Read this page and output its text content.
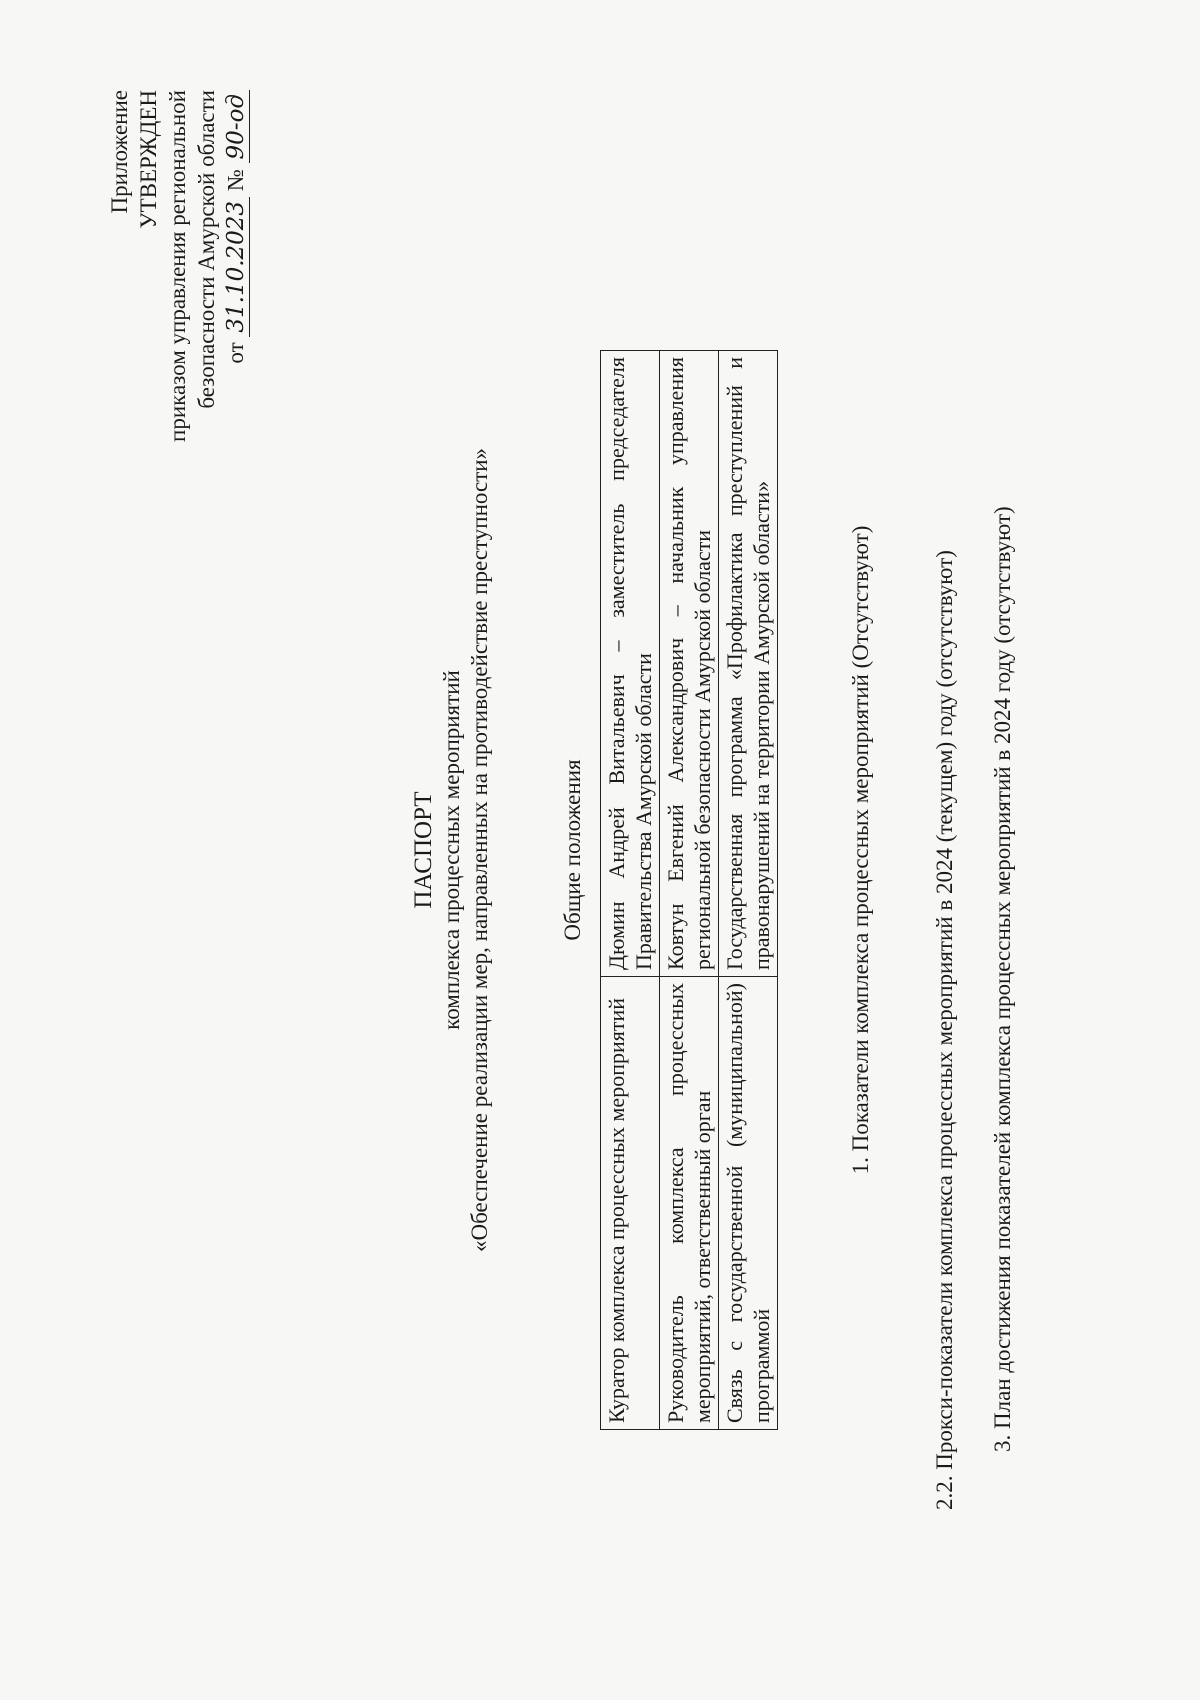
Приложение УТВЕРЖДЕН приказом управления региональной безопасности Амурской области от 31.10.2023 № 90-од
ПАСПОРТ комплекса процессных мероприятий «Обеспечение реализации мер, направленных на противодействие преступности»	Общие положения
Куратор комплекса процессных мероприятий	Дюмин Андрей Витальевич – заместитель председателя Правительства Амурской области
Руководитель комплекса процессных мероприятий, ответственный орган	Ковтун Евгений Александрович – начальник управления региональной безопасности Амурской области
Связь с государственной (муниципальной) программой	Государственная программа «Профилактика преступлений и правонарушений на территории Амурской области»	1. Показатели комплекса процессных мероприятий (Отсутствуют)	2.2. Прокси-показатели комплекса процессных мероприятий в 2024 (текущем) году (отсутствуют) 3. План достижения показателей комплекса процессных мероприятий в 2024 году (отсутствуют)
